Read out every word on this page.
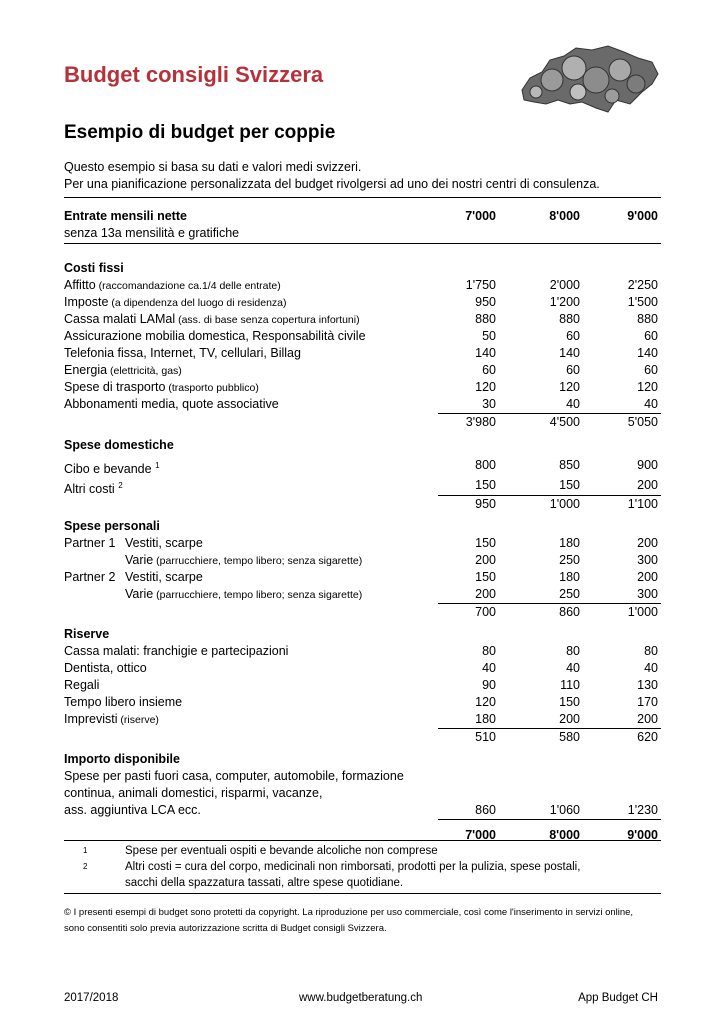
Budget consigli Svizzera
Esempio di budget per coppie
Questo esempio si basa su dati e valori medi svizzeri.
Per una pianificazione personalizzata del budget rivolgersi ad uno dei nostri centri di consulenza.
Entrate mensili nette	7'000	8'000	9'000
senza 13a mensilità e gratifiche
Costi fissi
Affitto (raccomandazione ca.1/4 delle entrate)	1'750	2'000	2'250
Imposte (a dipendenza del luogo di residenza)	950	1'200	1'500
Cassa malati LAMal (ass. di base senza copertura infortuni)	880	880	880
Assicurazione mobilia domestica, Responsabilità civile	50	60	60
Telefonia fissa, Internet, TV, cellulari, Billag	140	140	140
Energia (elettricità, gas)	60	60	60
Spese di trasporto (trasporto pubblico)	120	120	120
Abbonamenti media, quote associative	30	40	40
3'980	4'500	5'050
Spese domestiche
Cibo e bevande $^1$	800	850	900
Altri costi $^2$	150	150	200
950	1'000	1'100
Spese personali
Partner 1 Vestiti, scarpe	150	180	200
Varie (parrucchiere, tempo libero; senza sigarette)	200	250	300
Partner 2 Vestiti, scarpe	150	180	200
Varie (parrucchiere, tempo libero; senza sigarette)	200	250	300
700	860	1'000
Riserve
Cassa malati: franchigie e partecipazioni	80	80	80
Dentista, ottico	40	40	40
Regali	90	110	130
Tempo libero insieme	120	150	170
Imprevisti (riserve)	180	200	200
510	580	620
Importo disponibile
Spese per pasti fuori casa, computer, automobile, formazione
continua, animali domestici, risparmi, vacanze,
ass. aggiuntiva LCA ecc.	860	1'060	1'230
7'000	8'000	9'000
1	Spese per eventuali ospiti e bevande alcoliche non comprese
2	Altri costi = cura del corpo, medicinali non rimborsati, prodotti per la pulizia, spese postali,
sacchi della spazzatura tassati, altre spese quotidiane.
© I presenti esempi di budget sono protetti da copyright. La riproduzione per uso commerciale, così come l'inserimento in servizi online,
sono consentiti solo previa autorizzazione scritta di Budget consigli Svizzera.
2017/2018	www.budgetberatung.ch	App Budget CH
